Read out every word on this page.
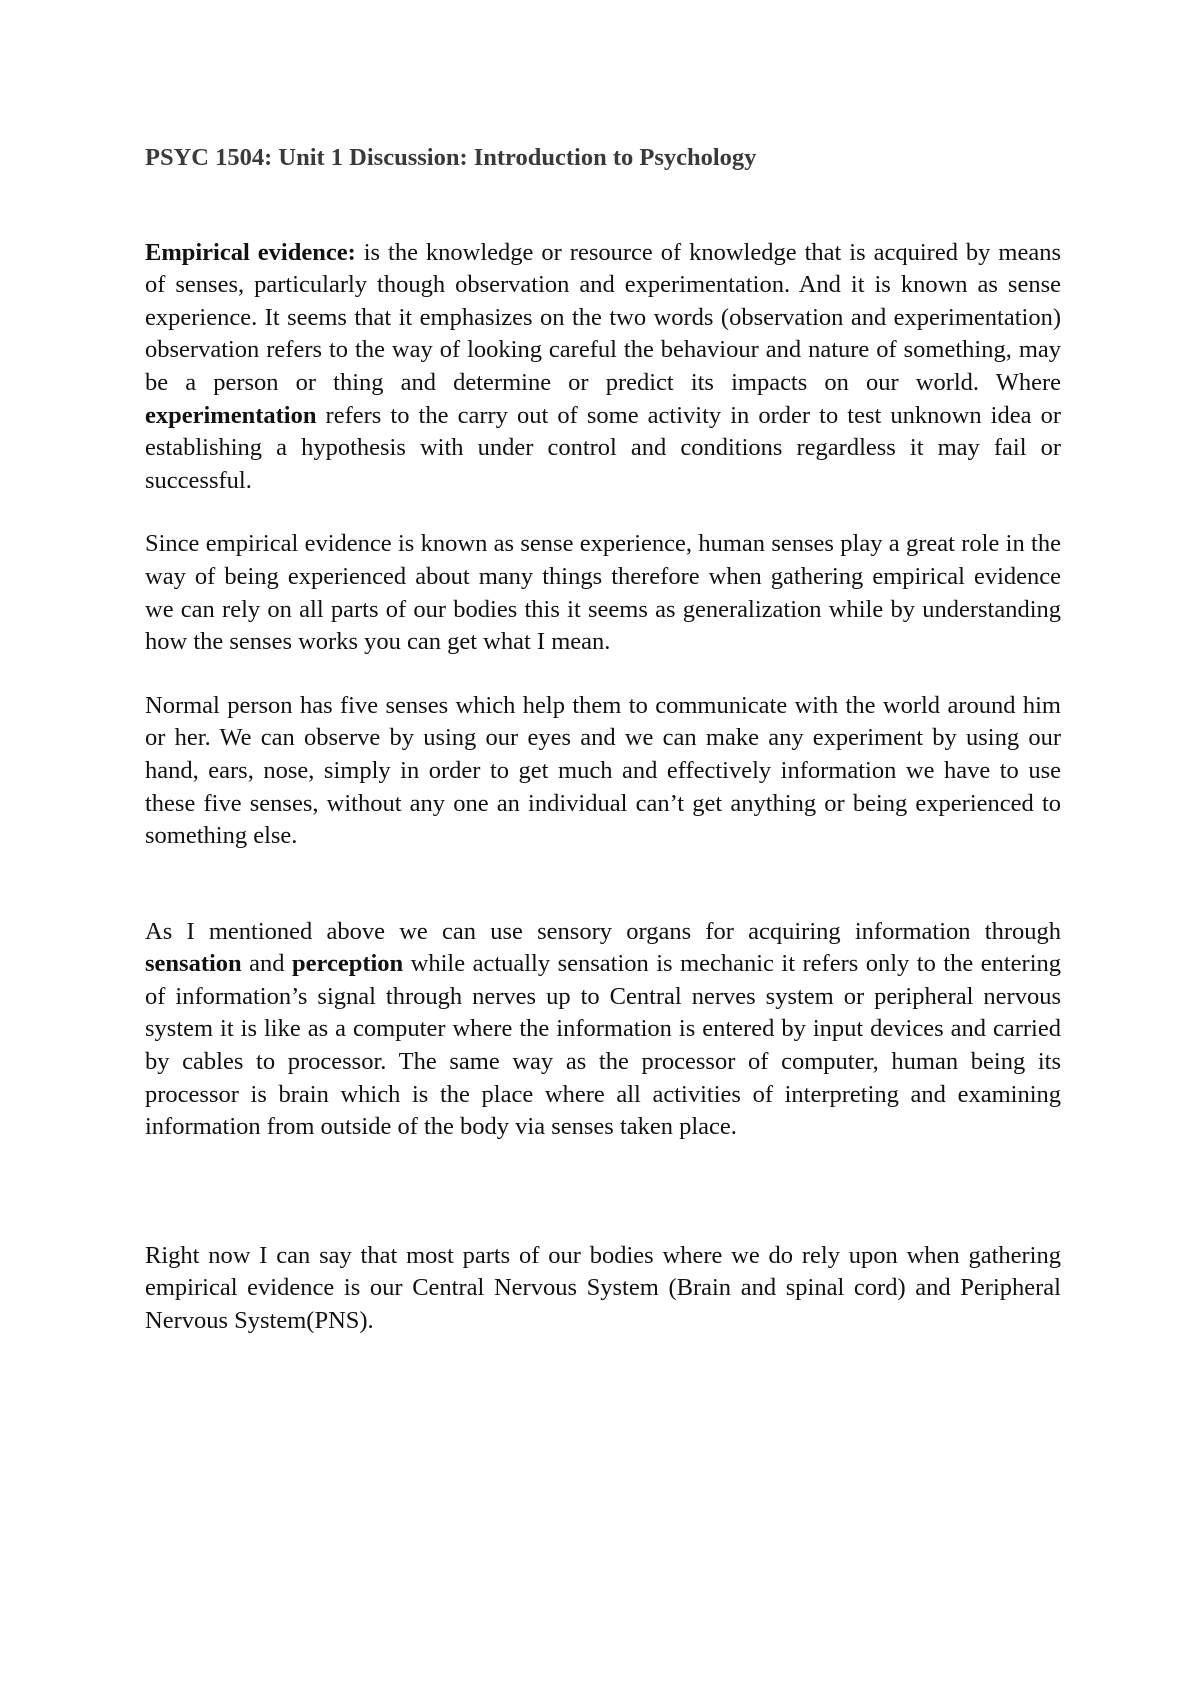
PSYC 1504: Unit 1 Discussion: Introduction to Psychology

Empirical evidence: is the knowledge or resource of knowledge that is acquired by means of senses, particularly though observation and experimentation. And it is known as sense experience. It seems that it emphasizes on the two words (observation and experimentation) observation refers to the way of looking careful the behaviour and nature of something, may be a person or thing and determine or predict its impacts on our world. Where experimentation refers to the carry out of some activity in order to test unknown idea or establishing a hypothesis with under control and conditions regardless it may fail or successful.

Since empirical evidence is known as sense experience, human senses play a great role in the way of being experienced about many things therefore when gathering empirical evidence we can rely on all parts of our bodies this it seems as generalization while by understanding how the senses works you can get what I mean.

Normal person has five senses which help them to communicate with the world around him or her. We can observe by using our eyes and we can make any experiment by using our hand, ears, nose, simply in order to get much and effectively information we have to use these five senses, without any one an individual can’t get anything or being experienced to something else.

As I mentioned above we can use sensory organs for acquiring information through sensation and perception while actually sensation is mechanic it refers only to the entering of information’s signal through nerves up to Central nerves system or peripheral nervous system it is like as a computer where the information is entered by input devices and carried by cables to processor. The same way as the processor of computer, human being its processor is brain which is the place where all activities of interpreting and examining information from outside of the body via senses taken place.

Right now I can say that most parts of our bodies where we do rely upon when gathering empirical evidence is our Central Nervous System (Brain and spinal cord) and Peripheral Nervous System(PNS).
